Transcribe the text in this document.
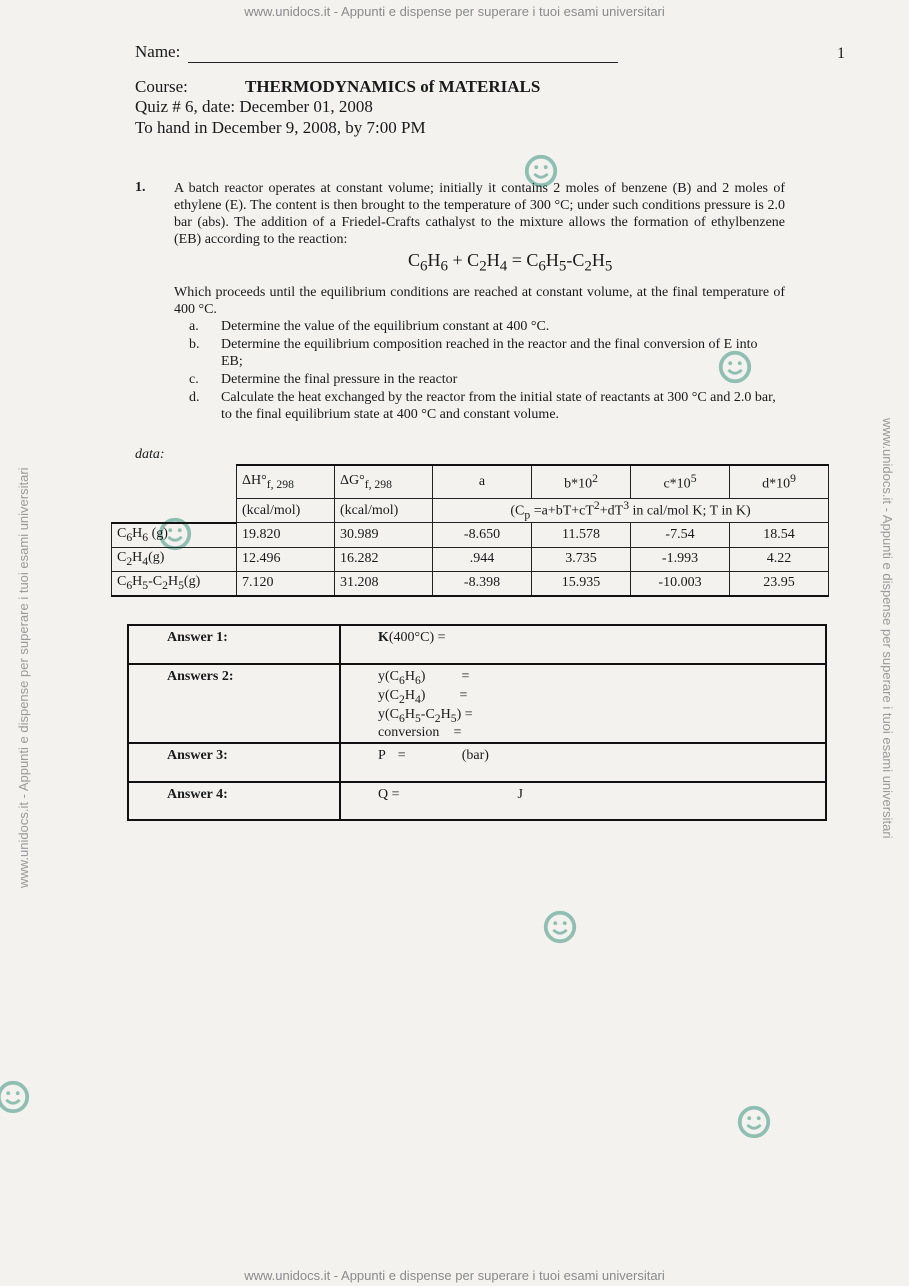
www.unidocs.it - Appunti e dispense per superare i tuoi esami universitari
www.unidocs.it - Appunti e dispense per superare i tuoi esami universitari
www.unidocs.it - Appunti e dispense per superare i tuoi esami universitari	www.unidocs.it - Appunti e dispense per superare i tuoi esami universitari
1
Name:
Course:	THERMODYNAMICS of MATERIALS
Quiz # 6, date: December 01, 2008
To hand in December 9, 2008, by 7:00 PM
1. A batch reactor operates at constant volume; initially it contains 2 moles of benzene (B) and 2 moles of ethylene (E). The content is then brought to the temperature of 300 °C; under such conditions pressure is 2.0 bar (abs). The addition of a Friedel-Crafts cathalyst to the mixture allows the formation of ethylbenzene (EB) according to the reaction:
$C_6H_6 + C_2H_4 = C_6H_5-C_2H_5$
Which proceeds until the equilibrium conditions are reached at constant volume, at the final temperature of 400 °C.
a.	Determine the value of the equilibrium constant at 400 °C.
b.	Determine the equilibrium composition reached in the reactor and the final conversion of E into EB;
c.	Determine the final pressure in the reactor
d.	Calculate the heat exchanged by the reactor from the initial state of reactants at 300 °C and 2.0 bar, to the final equilibrium state at 400 °C and constant volume.
data:
	$\Delta H^\circ_{f, 298}$	$\Delta G^\circ_{f, 298}$	a	$b*10^2$	$c*10^5$	$d*10^9$
	(kcal/mol)	(kcal/mol)	($C_p =a+bT+cT^2+dT^3$ in cal/mol K; T in K)			
$C_6H_6$ (g)	19.820	30.989	-8.650	11.578	-7.54	18.54
$C_2H_4(g)$	12.496	16.282	.944	3.735	-1.993	4.22
$C_6H_5-C_2H_5(g)$	7.120	31.208	-8.398	15.935	-10.003	23.95
Answer 1:	K(400°C) =
Answers 2:	$y(C_6H_6)$ =
$y(C_2H_4)$ =
$y(C_6H_5-C_2H_5)$ =
conversion =

Answer 3:	P = (bar)
Answer 4:	Q = J
